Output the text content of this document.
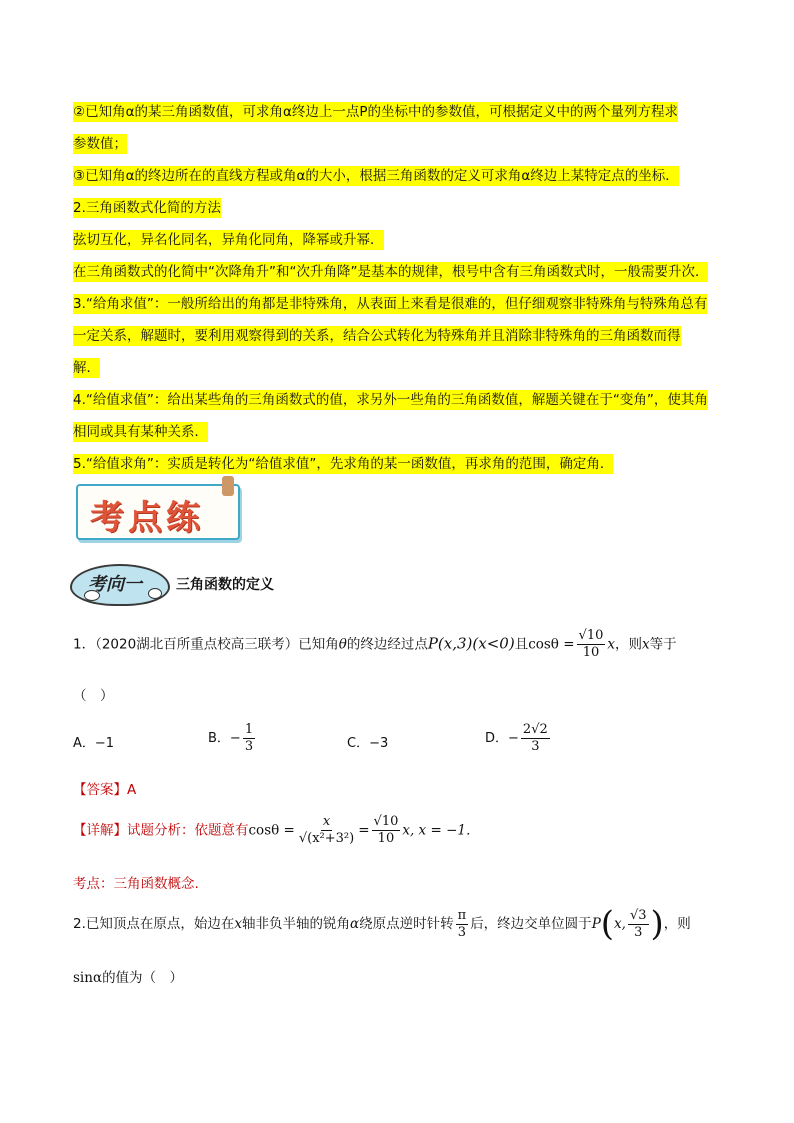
②已知角α的某三角函数值，可求角α终边上一点P的坐标中的参数值，可根据定义中的两个量列方程求
参数值；
③已知角α的终边所在的直线方程或角α的大小，根据三角函数的定义可求角α终边上某特定点的坐标．
2.三角函数式化简的方法
弦切互化，异名化同名，异角化同角，降幂或升幂．
在三角函数式的化简中“次降角升”和“次升角降”是基本的规律，根号中含有三角函数式时，一般需要升次．
3.“给角求值”：一般所给出的角都是非特殊角，从表面上来看是很难的，但仔细观察非特殊角与特殊角总有
一定关系，解题时，要利用观察得到的关系，结合公式转化为特殊角并且消除非特殊角的三角函数而得
解．
4.“给值求值”：给出某些角的三角函数式的值，求另外一些角的三角函数值，解题关键在于“变角”，使其角
相同或具有某种关系．
5.“给值求角”：实质是转化为“给值求值”，先求角的某一函数值，再求角的范围，确定角．
考点练
考向一 三角函数的定义
1．（2020湖北百所重点校高三联考）已知角θ的终边经过点P(x,3)(x<0)且$\cos\theta = \frac{√10}{10}$ x，则x等于
（　）
A．−1	B．− $\frac{1}{3}$	C．−3	D．− $\frac{2√2}{3}$
【答案】A
【详解】试题分析：依题意有$\cos\theta = \frac{x}{\text{√(x²+3²)}} = \frac{√10}{10} x$, x = −1．
考点：三角函数概念.
2.已知顶点在原点，始边在x轴非负半轴的锐角α绕原点逆时针转 $\frac{\pi}{3}$ 后，终边交单位圆于P(x, $\frac{√3}{3}$ )，则
sinα的值为（　）
